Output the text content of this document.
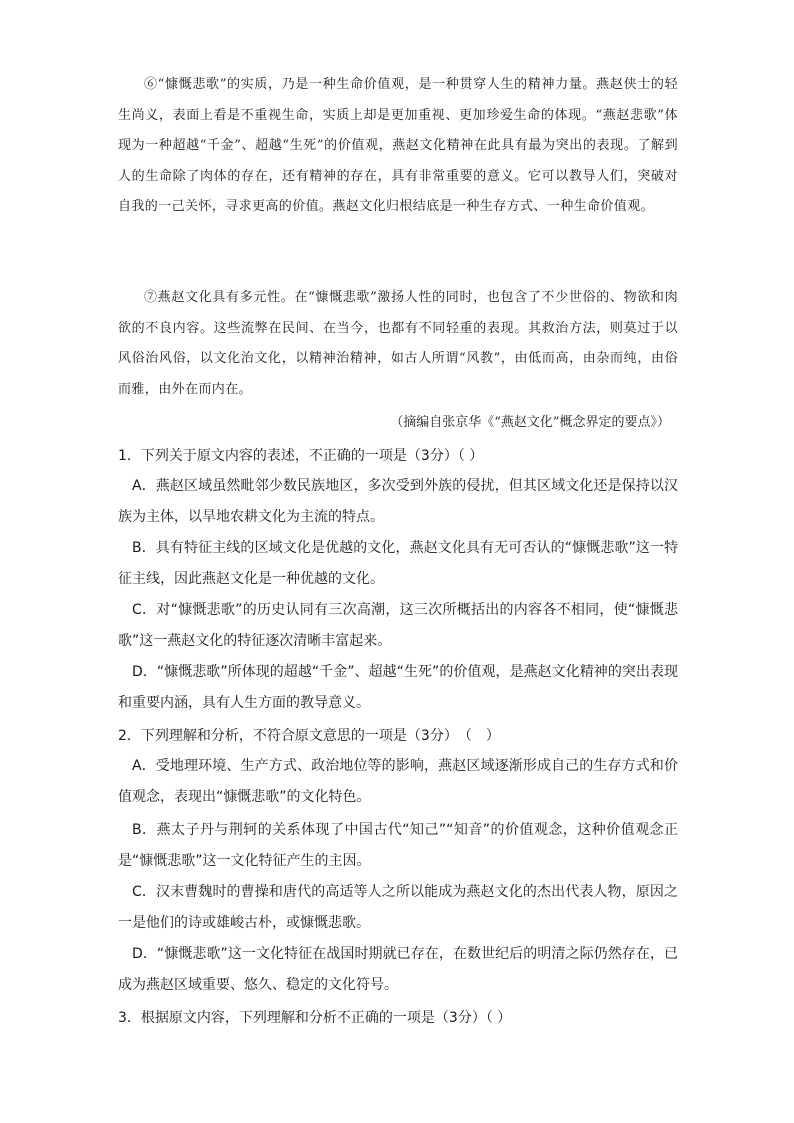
⑥“慷慨悲歌”的实质，乃是一种生命价值观，是一种贯穿人生的精神力量。燕赵侠士的轻生尚义，表面上看是不重视生命，实质上却是更加重视、更加珍爱生命的体现。“燕赵悲歌”体现为一种超越“千金”、超越“生死”的价值观，燕赵文化精神在此具有最为突出的表现。了解到人的生命除了肉体的存在，还有精神的存在，具有非常重要的意义。它可以教导人们，突破对自我的一己关怀，寻求更高的价值。燕赵文化归根结底是一种生存方式、一种生命价值观。

⑦燕赵文化具有多元性。在“慷慨悲歌”激扬人性的同时，也包含了不少世俗的、物欲和肉欲的不良内容。这些流弊在民间、在当今，也都有不同轻重的表现。其救治方法，则莫过于以风俗治风俗，以文化治文化，以精神治精神，如古人所谓“风教”，由低而高，由杂而纯，由俗而雅，由外在而内在。

（摘编自张京华《“燕赵文化”概念界定的要点》）

1．下列关于原文内容的表述，不正确的一项是（3分）（ ）

A．燕赵区域虽然毗邻少数民族地区，多次受到外族的侵扰，但其区域文化还是保持以汉族为主体，以旱地农耕文化为主流的特点。

B．具有特征主线的区域文化是优越的文化，燕赵文化具有无可否认的“慷慨悲歌”这一特征主线，因此燕赵文化是一种优越的文化。

C．对“慷慨悲歌”的历史认同有三次高潮，这三次所概括出的内容各不相同，使“慷慨悲歌”这一燕赵文化的特征逐次清晰丰富起来。

D．“慷慨悲歌”所体现的超越“千金”、超越“生死”的价值观，是燕赵文化精神的突出表现和重要内涵，具有人生方面的教导意义。

2．下列理解和分析，不符合原文意思的一项是（3分）　（　）

A．受地理环境、生产方式、政治地位等的影响，燕赵区域逐渐形成自己的生存方式和价值观念，表现出“慷慨悲歌”的文化特色。

B．燕太子丹与荆轲的关系体现了中国古代“知己”“知音”的价值观念，这种价值观念正是“慷慨悲歌”这一文化特征产生的主因。

C．汉末曹魏时的曹操和唐代的高适等人之所以能成为燕赵文化的杰出代表人物，原因之一是他们的诗或雄峻古朴，或慷慨悲歌。

D．“慷慨悲歌”这一文化特征在战国时期就已存在，在数世纪后的明清之际仍然存在，已成为燕赵区域重要、悠久、稳定的文化符号。

3．根据原文内容，下列理解和分析不正确的一项是（3分）（ ）
